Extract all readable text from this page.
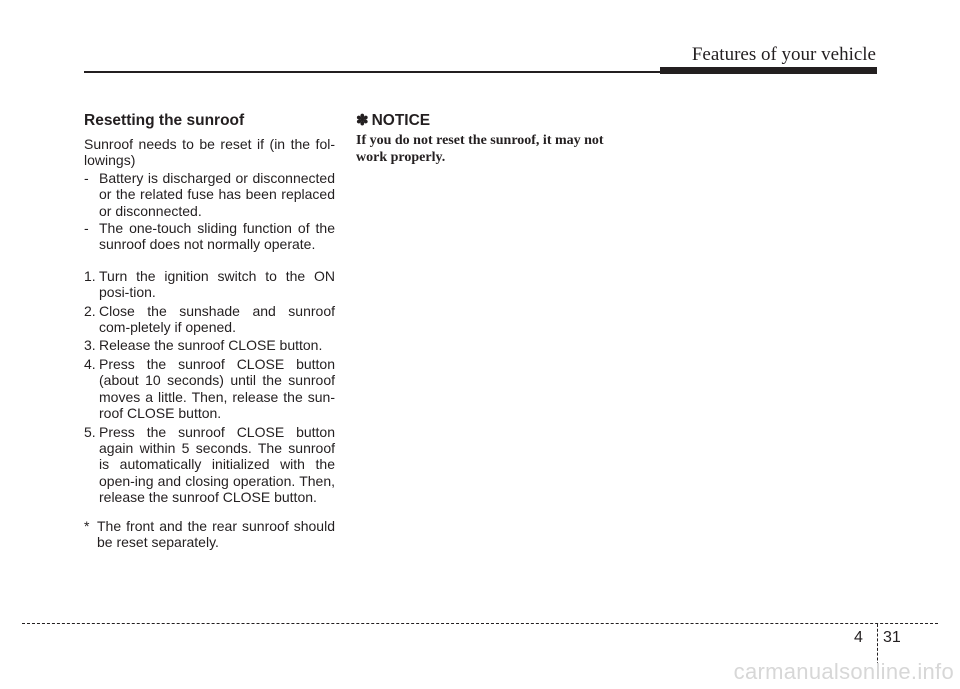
Features of your vehicle
Resetting the sunroof

Sunroof needs to be reset if (in the fol-lowings)

- Battery is discharged or disconnected or the related fuse has been replaced or disconnected.
- The one-touch sliding function of the sunroof does not normally operate.
1. Turn the ignition switch to the ON posi-tion.
2. Close the sunshade and sunroof com-pletely if opened.
3. Release the sunroof CLOSE button.
4. Press the sunroof CLOSE button (about 10 seconds) until the sunroof moves a little. Then, release the sun-roof CLOSE button.
5. Press the sunroof CLOSE button again within 5 seconds. The sunroof is automatically initialized with the open-ing and closing operation. Then, release the sunroof CLOSE button.
* The front and the rear sunroof should be reset separately.
✽ NOTICE

If you do not reset the sunroof, it may not work properly.

4 31
carmanualsonline.info
